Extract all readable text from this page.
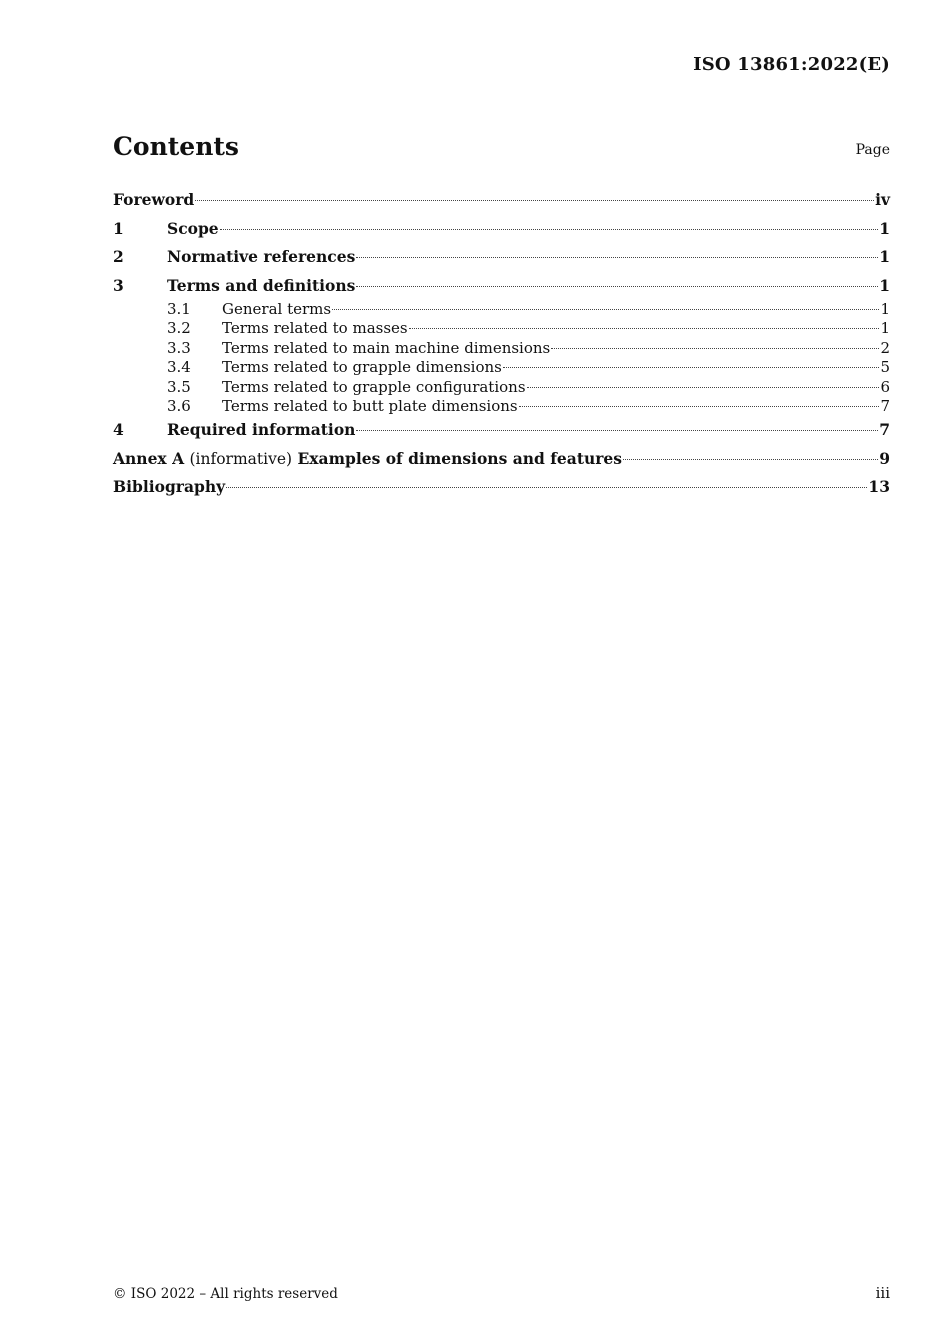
ISO 13861:2022(E)
Contents	Page
Foreword	iv
1	Scope	1
2	Normative references	1
3	Terms and definitions	1
3.1	General terms	1
3.2	Terms related to masses	1
3.3	Terms related to main machine dimensions	2
3.4	Terms related to grapple dimensions	5
3.5	Terms related to grapple configurations	6
3.6	Terms related to butt plate dimensions	7
4	Required information	7
Annex A (informative) Examples of dimensions and features	9
Bibliography	13
© ISO 2022 – All rights reserved	iii
